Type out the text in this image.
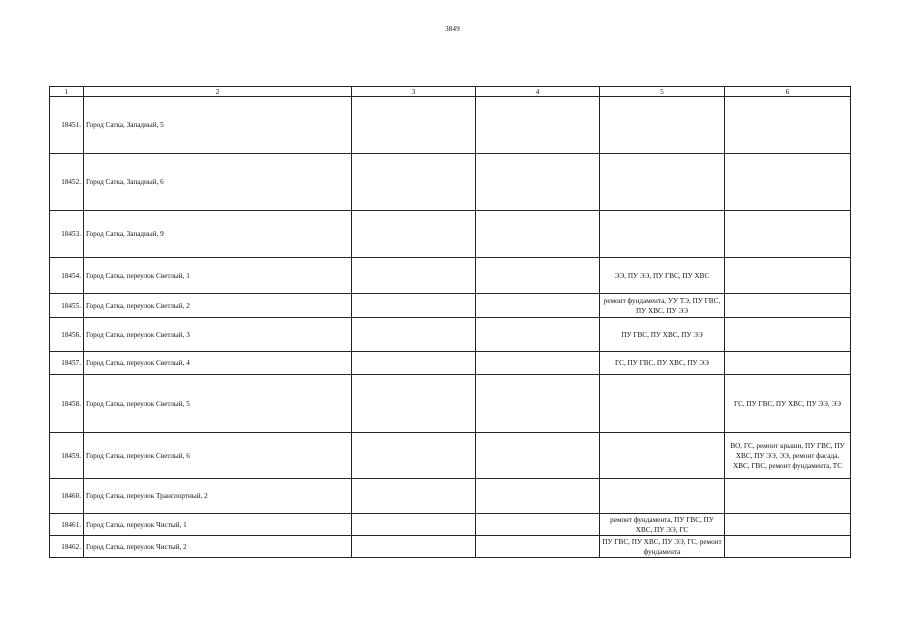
3849
1	2	3	4	5	6
18451.	Город Сатка, Западный, 5				
18452.	Город Сатка, Западный, 6				
18453.	Город Сатка, Западный, 9				
18454.	Город Сатка, переулок Светлый, 1			ЭЭ, ПУ ЭЭ, ПУ ГВС, ПУ ХВС	
18455.	Город Сатка, переулок Светлый, 2			ремонт фундамента, УУ ТЭ, ПУ ГВС, ПУ ХВС, ПУ ЭЭ	
18456.	Город Сатка, переулок Светлый, 3			ПУ ГВС, ПУ ХВС, ПУ ЭЭ	
18457.	Город Сатка, переулок Светлый, 4			ГС, ПУ ГВС, ПУ ХВС, ПУ ЭЭ	
18458.	Город Сатка, переулок Светлый, 5				ГС, ПУ ГВС, ПУ ХВС, ПУ ЭЭ, ЭЭ
18459.	Город Сатка, переулок Светлый, 6				ВО, ГС, ремонт крыши, ПУ ГВС, ПУ ХВС, ПУ ЭЭ, ЭЭ, ремонт фасада, ХВС, ГВС, ремонт фундамента, ТС
18460.	Город Сатка, переулок Транспортный, 2				
18461.	Город Сатка, переулок Чистый, 1			ремонт фундамента, ПУ ГВС, ПУ ХВС, ПУ ЭЭ, ГС	
18462.	Город Сатка, переулок Чистый, 2			ПУ ГВС, ПУ ХВС, ПУ ЭЭ, ГС, ремонт фундамента	
